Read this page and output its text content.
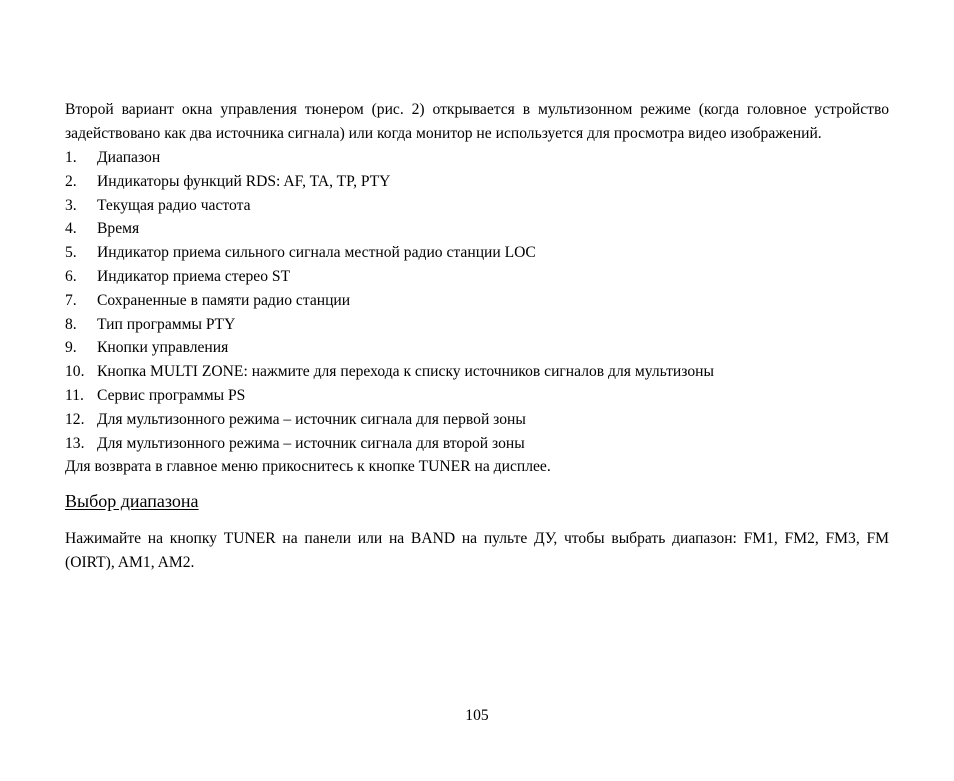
Второй вариант окна управления тюнером (рис. 2) открывается в мультизонном режиме (когда головное устройство задействовано как два источника сигнала) или когда монитор не используется для просмотра видео изображений.

1.	Диапазон
2.	Индикаторы функций RDS: AF, TA, TP, PTY
3.	Текущая радио частота
4.	Время
5.	Индикатор приема сильного сигнала местной радио станции LOC
6.	Индикатор приема стерео ST
7.	Сохраненные в памяти радио станции
8.	Тип программы PTY
9.	Кнопки управления
10. Кнопка MULTI ZONE: нажмите для перехода к списку источников сигналов для мультизоны
11. Сервис программы PS
12. Для мультизонного режима – источник сигнала для первой зоны
13. Для мультизонного режима – источник сигнала для второй зоны

Для возврата в главное меню прикоснитесь к кнопке TUNER на дисплее.

Выбор диапазона

Нажимайте на кнопку TUNER на панели или на BAND на пульте ДУ, чтобы выбрать диапазон: FM1, FM2, FM3, FM (OIRT), AM1, AM2.

105
